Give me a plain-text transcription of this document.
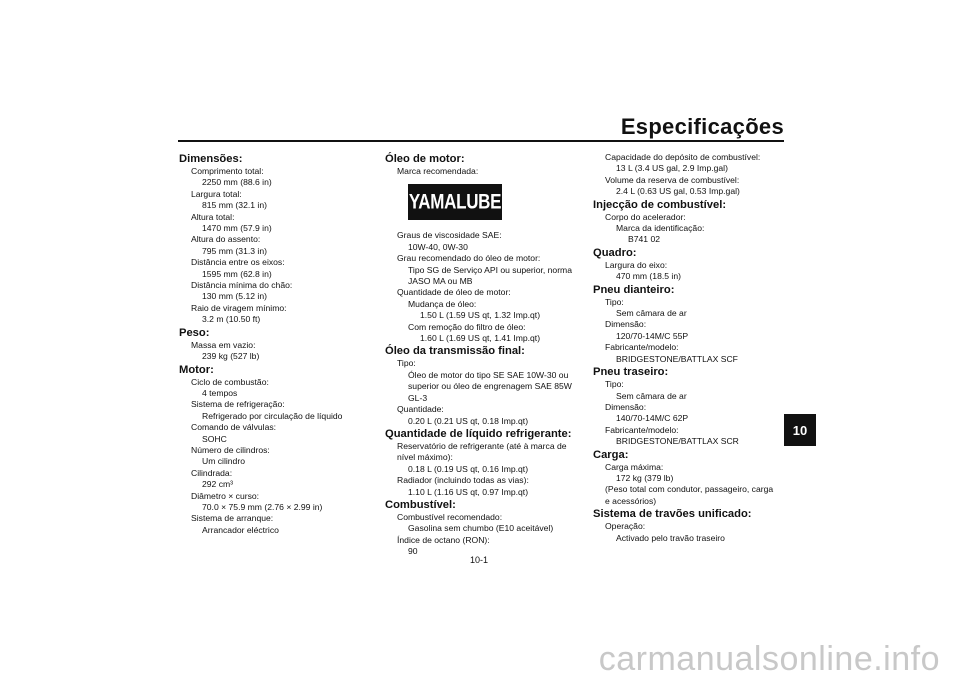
Especificações
Dimensões:
Comprimento total:
2250 mm (88.6 in)
Largura total:
815 mm (32.1 in)
Altura total:
1470 mm (57.9 in)
Altura do assento:
795 mm (31.3 in)
Distância entre os eixos:
1595 mm (62.8 in)
Distância mínima do chão:
130 mm (5.12 in)
Raio de viragem mínimo:
3.2 m (10.50 ft)
Peso:
Massa em vazio:
239 kg (527 lb)
Motor:
Ciclo de combustão:
4 tempos
Sistema de refrigeração:
Refrigerado por circulação de líquido
Comando de válvulas:
SOHC
Número de cilindros:
Um cilindro
Cilindrada:
292 cm³
Diâmetro × curso:
70.0 × 75.9 mm (2.76 × 2.99 in)
Sistema de arranque:
Arrancador eléctrico
Óleo de motor:
Marca recomendada:
YAMALUBE
Graus de viscosidade SAE:
10W-40, 0W-30
Grau recomendado do óleo de motor:
Tipo SG de Serviço API ou superior, norma
JASO MA ou MB
Quantidade de óleo de motor:
Mudança de óleo:
1.50 L (1.59 US qt, 1.32 Imp.qt)
Com remoção do filtro de óleo:
1.60 L (1.69 US qt, 1.41 Imp.qt)
Óleo da transmissão final:
Tipo:
Óleo de motor do tipo SE SAE 10W-30 ou
superior ou óleo de engrenagem SAE 85W
GL-3
Quantidade:
0.20 L (0.21 US qt, 0.18 Imp.qt)
Quantidade de líquido refrigerante:
Reservatório de refrigerante (até à marca de
nível máximo):
0.18 L (0.19 US qt, 0.16 Imp.qt)
Radiador (incluindo todas as vias):
1.10 L (1.16 US qt, 0.97 Imp.qt)
Combustível:
Combustível recomendado:
Gasolina sem chumbo (E10 aceitável)
Índice de octano (RON):
90
Capacidade do depósito de combustível:
13 L (3.4 US gal, 2.9 Imp.gal)
Volume da reserva de combustível:
2.4 L (0.63 US gal, 0.53 Imp.gal)
Injecção de combustível:
Corpo do acelerador:
Marca da identificação:
B741 02
Quadro:
Largura do eixo:
470 mm (18.5 in)
Pneu dianteiro:
Tipo:
Sem câmara de ar
Dimensão:
120/70-14M/C 55P
Fabricante/modelo:
BRIDGESTONE/BATTLAX SCF
Pneu traseiro:
Tipo:
Sem câmara de ar
Dimensão:
140/70-14M/C 62P
Fabricante/modelo:
BRIDGESTONE/BATTLAX SCR
Carga:
Carga máxima:
172 kg (379 lb)
(Peso total com condutor, passageiro, carga
e acessórios)
Sistema de travões unificado:
Operação:
Activado pelo travão traseiro
10
10-1
carmanualsonline.info
